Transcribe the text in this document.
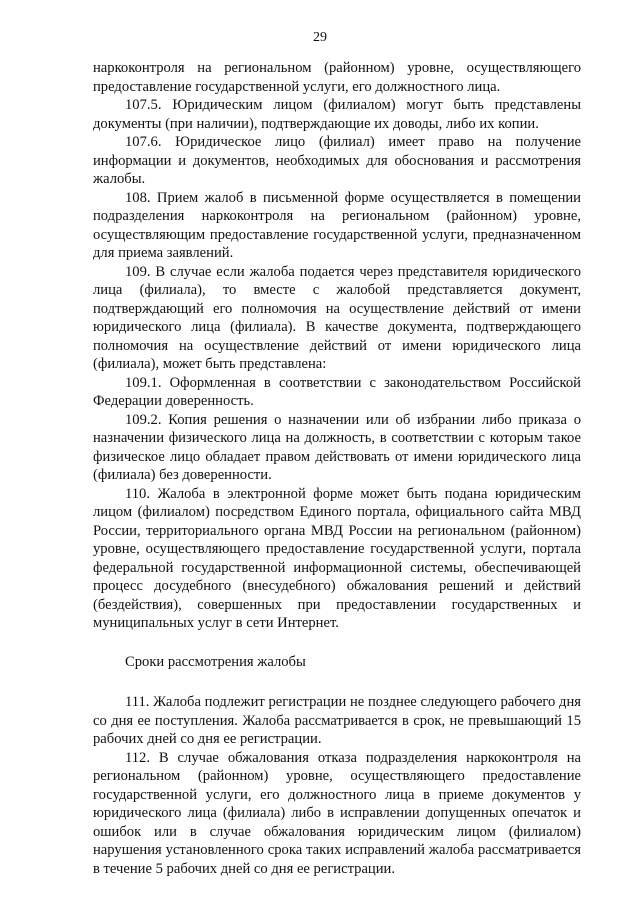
29

наркоконтроля на региональном (районном) уровне, осуществляющего предоставление государственной услуги, его должностного лица.

107.5. Юридическим лицом (филиалом) могут быть представлены документы (при наличии), подтверждающие их доводы, либо их копии.

107.6. Юридическое лицо (филиал) имеет право на получение информации и документов, необходимых для обоснования и рассмотрения жалобы.

108. Прием жалоб в письменной форме осуществляется в помещении подразделения наркоконтроля на региональном (районном) уровне, осуществляющим предоставление государственной услуги, предназначенном для приема заявлений.

109. В случае если жалоба подается через представителя юридического лица (филиала), то вместе с жалобой представляется документ, подтверждающий его полномочия на осуществление действий от имени юридического лица (филиала). В качестве документа, подтверждающего полномочия на осуществление действий от имени юридического лица (филиала), может быть представлена:

109.1. Оформленная в соответствии с законодательством Российской Федерации доверенность.

109.2. Копия решения о назначении или об избрании либо приказа о назначении физического лица на должность, в соответствии с которым такое физическое лицо обладает правом действовать от имени юридического лица (филиала) без доверенности.

110. Жалоба в электронной форме может быть подана юридическим лицом (филиалом) посредством Единого портала, официального сайта МВД России, территориального органа МВД России на региональном (районном) уровне, осуществляющего предоставление государственной услуги, портала федеральной государственной информационной системы, обеспечивающей процесс досудебного (внесудебного) обжалования решений и действий (бездействия), совершенных при предоставлении государственных и муниципальных услуг в сети Интернет.

Сроки рассмотрения жалобы

111. Жалоба подлежит регистрации не позднее следующего рабочего дня со дня ее поступления. Жалоба рассматривается в срок, не превышающий 15 рабочих дней со дня ее регистрации.

112. В случае обжалования отказа подразделения наркоконтроля на региональном (районном) уровне, осуществляющего предоставление государственной услуги, его должностного лица в приеме документов у юридического лица (филиала) либо в исправлении допущенных опечаток и ошибок или в случае обжалования юридическим лицом (филиалом) нарушения установленного срока таких исправлений жалоба рассматривается в течение 5 рабочих дней со дня ее регистрации.
